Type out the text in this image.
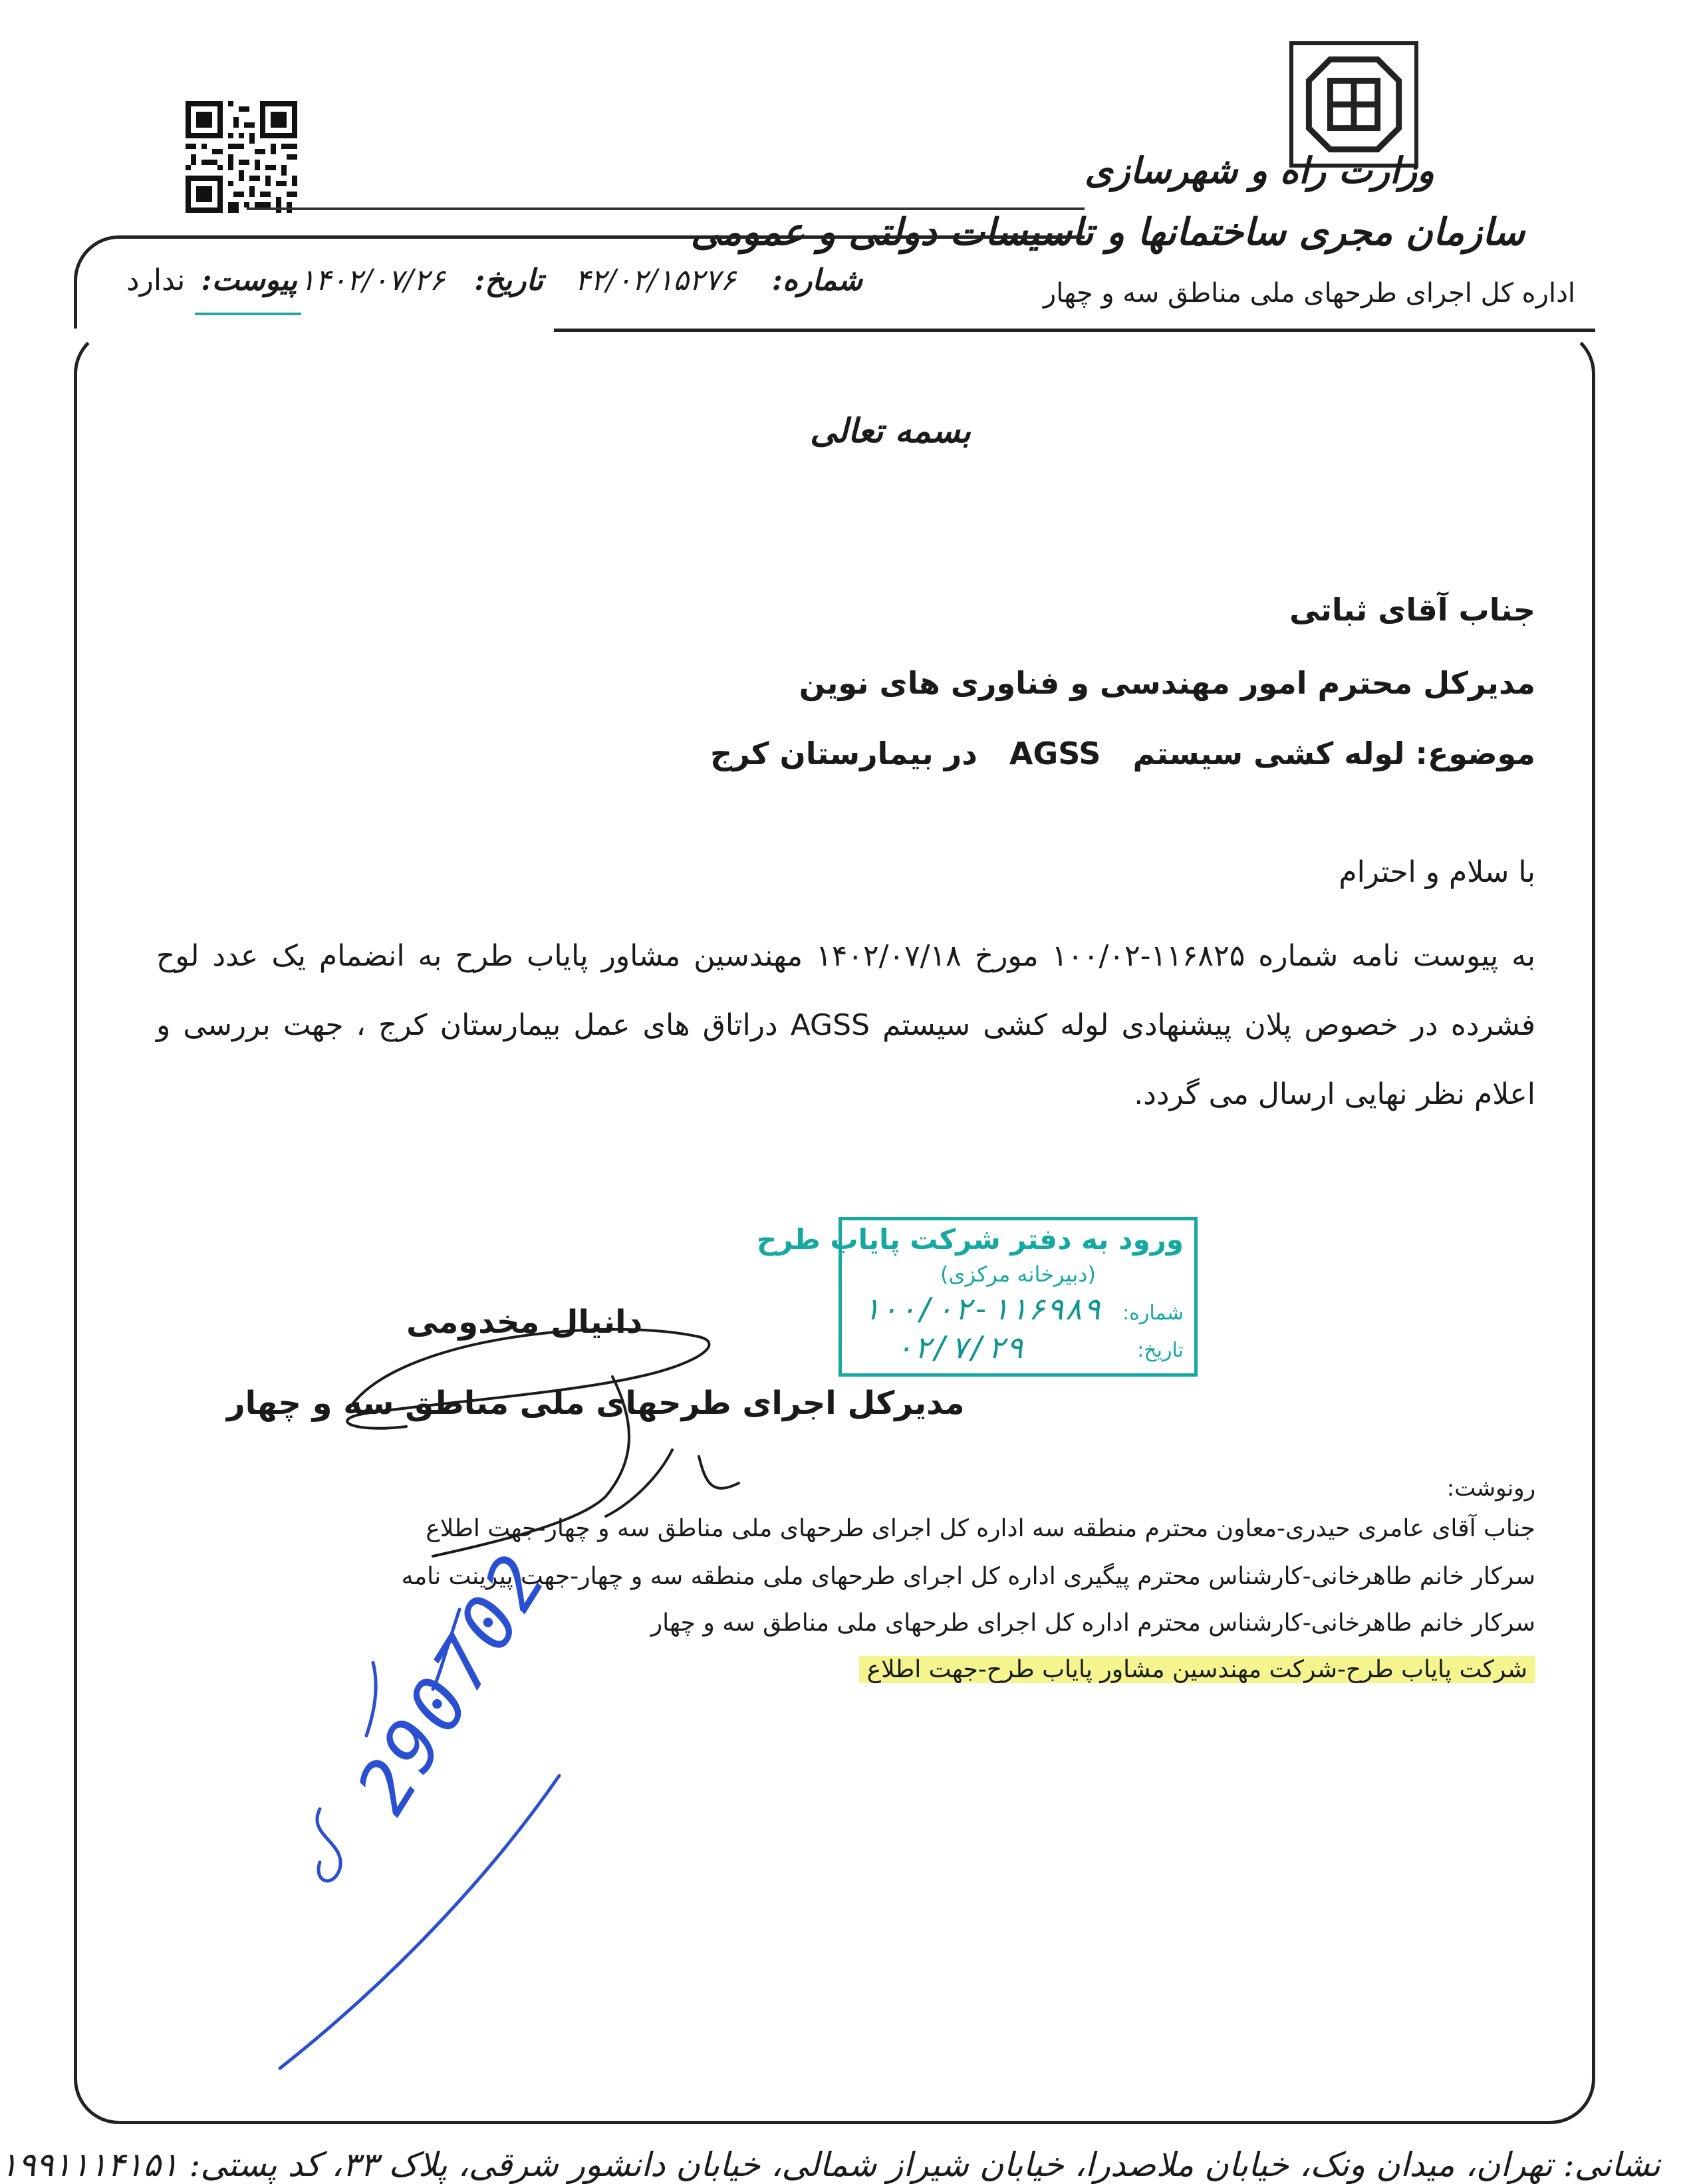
وزارت راه و شهرسازی
سازمان مجری ساختمانها و تاسیسات دولتی و عمومی
اداره کل اجرای طرحهای ملی مناطق سه و چهار
شماره: ۴۲/۰۲/۱۵۲۷۶
تاریخ: ۱۴۰۲/۰۷/۲۶
پیوست: ندارد
بسمه تعالی
جناب آقای ثباتی
مدیرکل محترم امور مهندسی و فناوری های نوین
موضوع: لوله کشی سیستم   AGSS   در بیمارستان کرج
با سلام و احترام
به پیوست نامه شماره ۱۱۶۸۲۵-۱۰۰/۰۲ مورخ ۱۴۰۲/۰۷/۱۸ مهندسین مشاور پایاب طرح به انضمام یک عدد لوح فشرده در خصوص پلان پیشنهادی لوله کشی سیستم AGSS دراتاق های عمل بیمارستان کرج ، جهت بررسی و اعلام نظر نهایی ارسال می گردد.
ورود به دفتر شرکت پایاب طرح
(دبیرخانه مرکزی)
شماره:
تاریخ:
۱۰۰/۰۲-۱۱۶۹۸۹
۰۲/۷/۲۹
دانیال مخدومی
مدیرکل اجرای طرحهای ملی مناطق سه و چهار
رونوشت:
جناب آقای عامری حیدری-معاون محترم منطقه سه اداره کل اجرای طرحهای ملی مناطق سه و چهار-جهت اطلاع
سرکار خانم طاهرخانی-کارشناس محترم پیگیری اداره کل اجرای طرحهای ملی منطقه سه و چهار-جهت پیرینت نامه
سرکار خانم طاهرخانی-کارشناس محترم اداره کل اجرای طرحهای ملی مناطق سه و چهار
شرکت پایاب طرح-شرکت مهندسین مشاور پایاب طرح-جهت اطلاع
290702
نشانی: تهران، میدان ونک، خیابان ملاصدرا، خیابان شیراز شمالی، خیابان دانشور شرقی، پلاک ۳۳، کد پستی: ۱۹۹۱۱۱۴۱۵۱
